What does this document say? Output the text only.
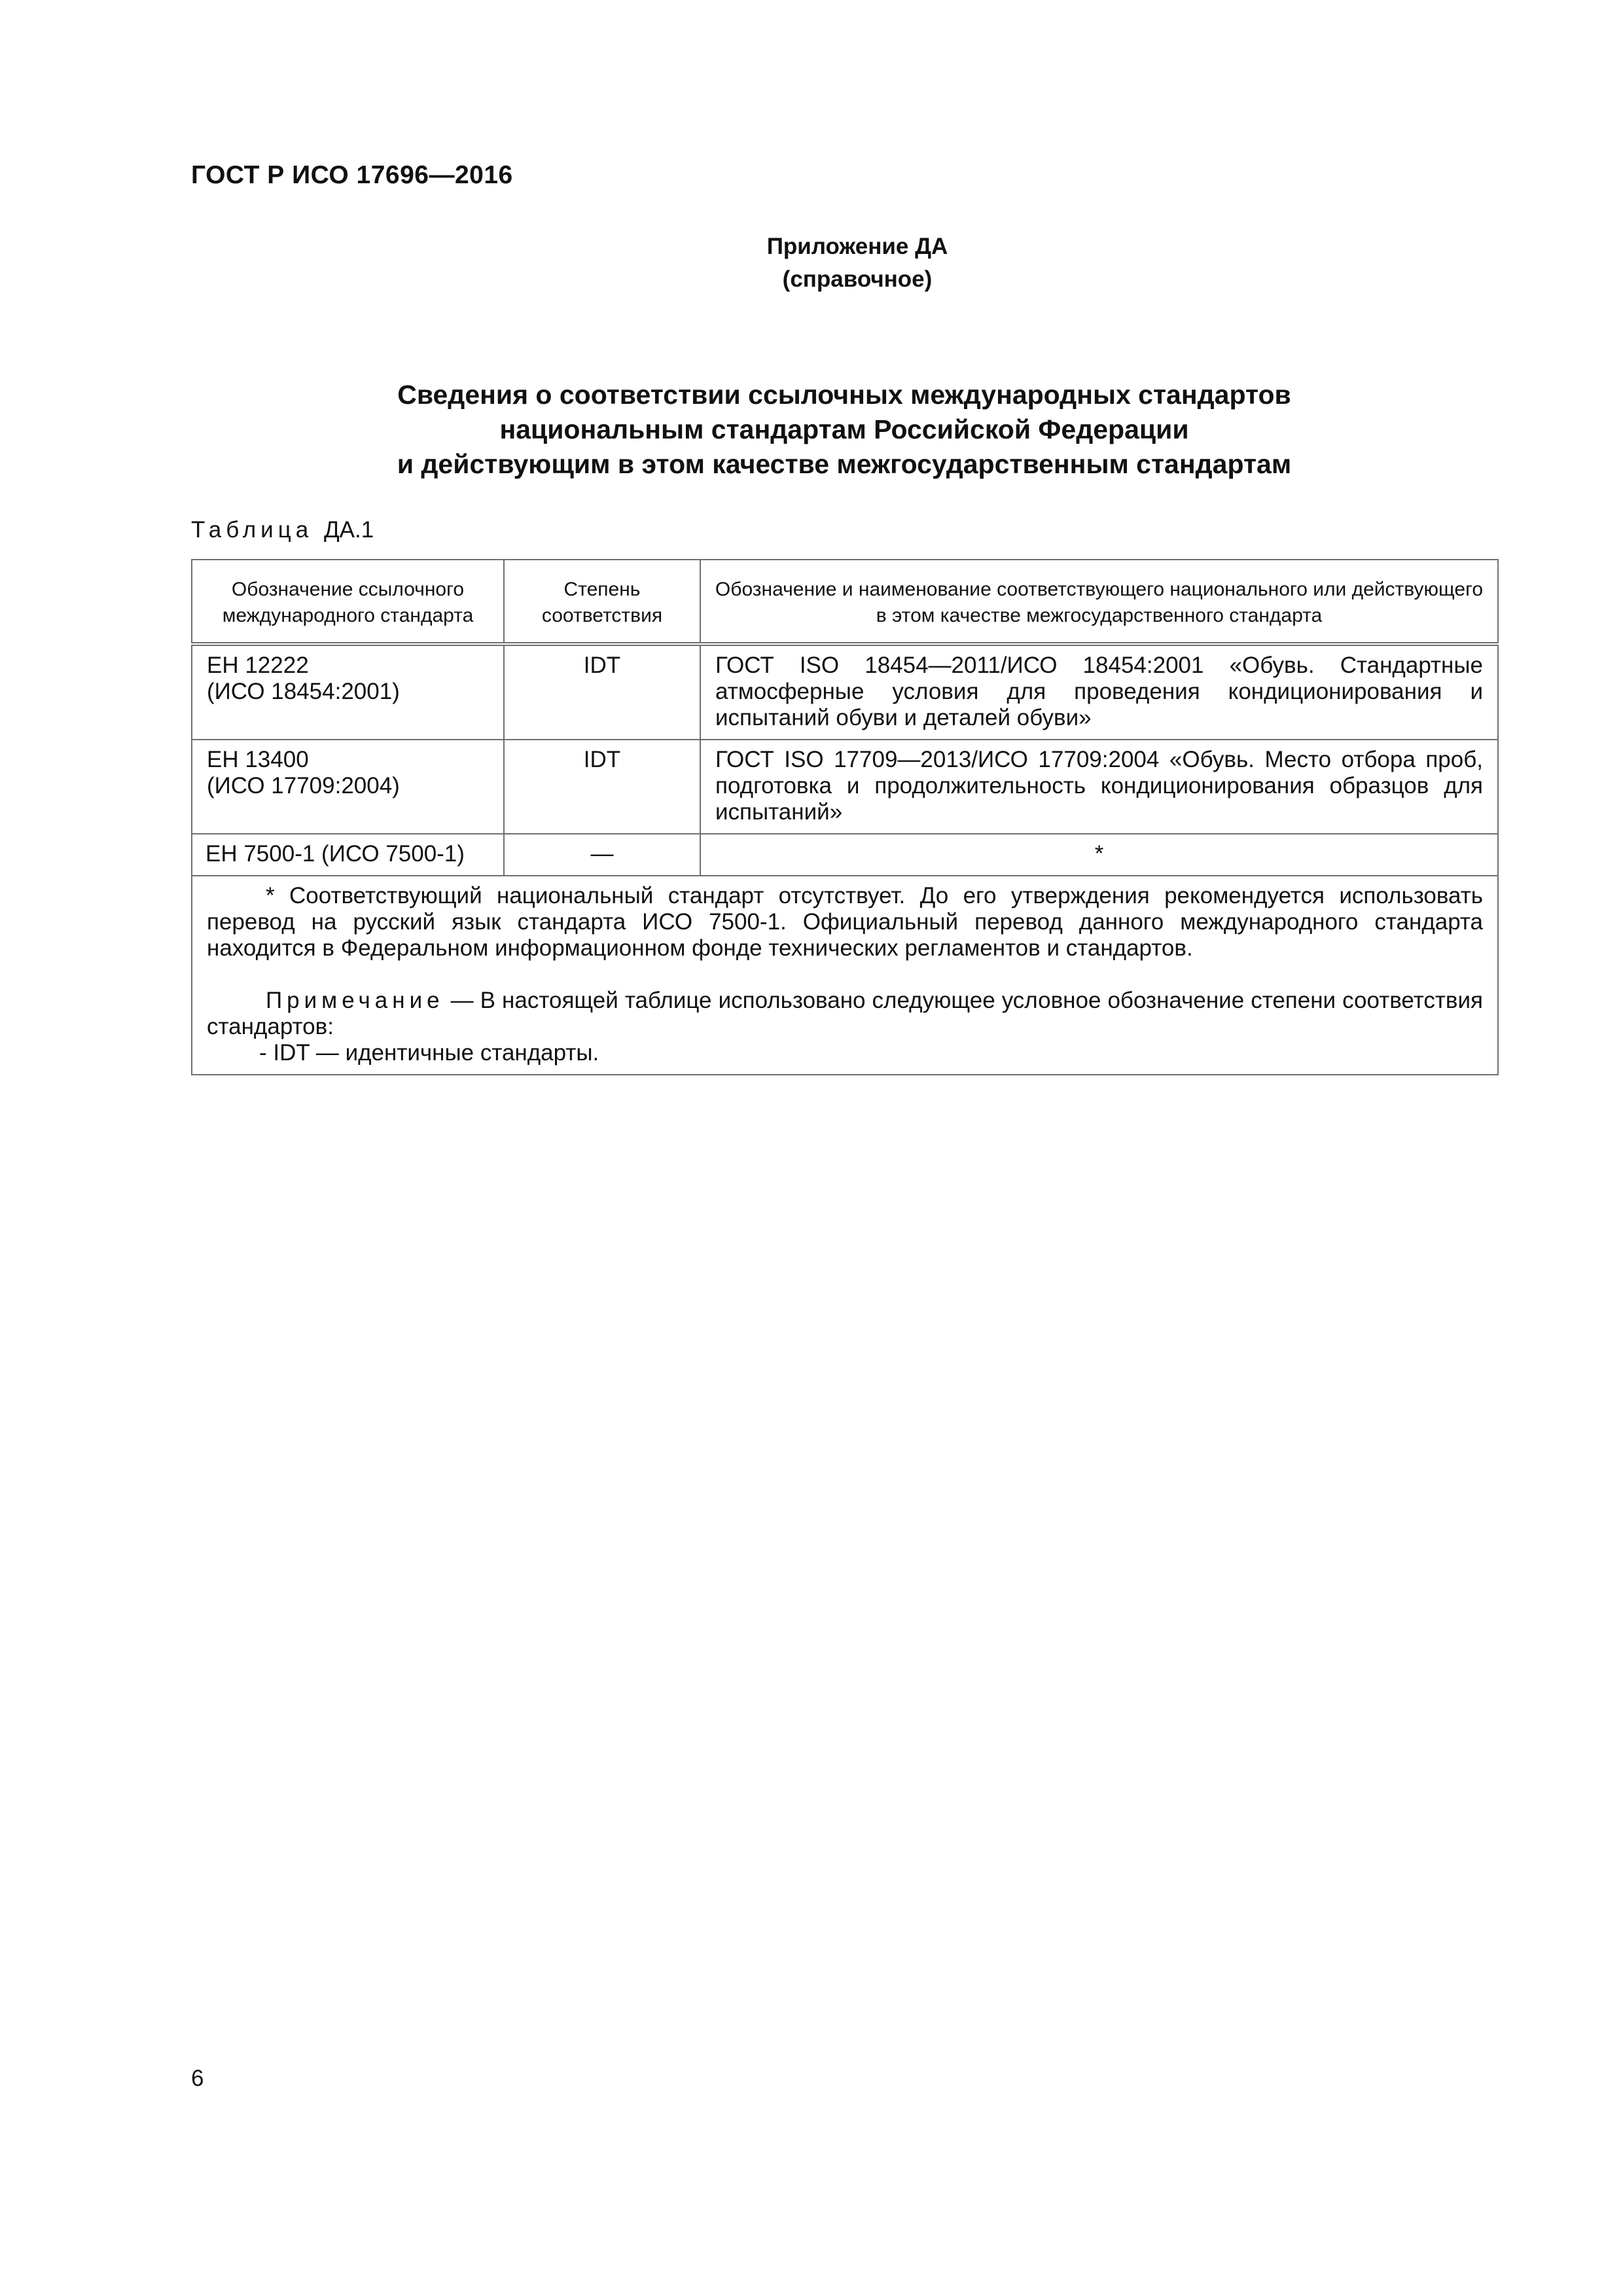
ГОСТ Р ИСО 17696—2016
Приложение ДА
(справочное)
Сведения о соответствии ссылочных международных стандартов
национальным стандартам Российской Федерации
и действующим в этом качестве межгосударственным стандартам
Таблица ДА.1
Обозначение ссылочного международного стандарта	Степень соответствия	Обозначение и наименование соответствующего национального или действующего в этом качестве межгосударственного стандарта

ЕН 12222
(ИСО 18454:2001)	IDT	ГОСТ ISO 18454—2011/ИСО 18454:2001 «Обувь. Стандартные атмосферные условия для проведения кондиционирования и испытаний обуви и деталей обуви»

ЕН 13400
(ИСО 17709:2004)	IDT	ГОСТ ISO 17709—2013/ИСО 17709:2004 «Обувь. Место отбора проб, подготовка и продолжительность кондиционирования образцов для испытаний»

ЕН 7500-1 (ИСО 7500-1)	—	*

* Соответствующий национальный стандарт отсутствует. До его утверждения рекомендуется использовать перевод на русский язык стандарта ИСО 7500-1. Официальный перевод данного международного стандарта находится в Федеральном информационном фонде технических регламентов и стандартов.

Примечание — В настоящей таблице использовано следующее условное обозначение степени соответствия стандартов:

- IDT — идентичные стандарты.		

6
